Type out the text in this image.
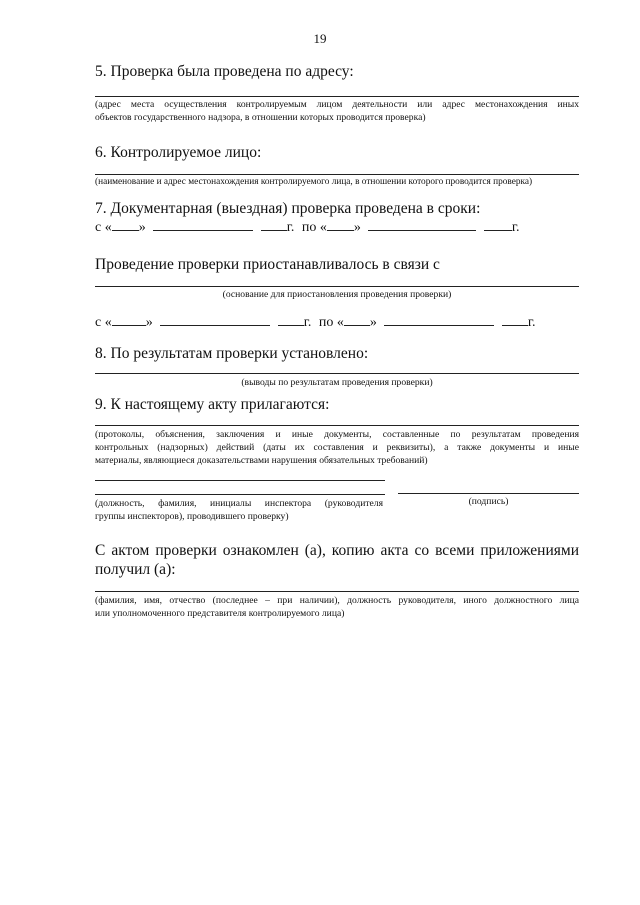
19
5. Проверка была проведена по адресу:
(адрес места осуществления контролируемым лицом деятельности или адрес местонахождения иных
объектов государственного надзора, в отношении которых проводится проверка)
6. Контролируемое лицо:
(наименование и адрес местонахождения контролируемого лица, в отношении которого проводится проверка)
7. Документарная (выездная) проверка проведена в сроки:
с « »	г. по « »	г.
Проведение проверки приостанавливалось в связи с
(основание для приостановления проведения проверки)
с « »	г. по « »	г.
8. По результатам проверки установлено:
(выводы по результатам проведения проверки)
9. К настоящему акту прилагаются:
(протоколы, объяснения, заключения и иные документы, составленные по результатам проведения
контрольных (надзорных) действий (даты их составления и реквизиты), а также документы и иные
материалы, являющиеся доказательствами нарушения обязательных требований)
(должность, фамилия, инициалы инспектора (руководителя
группы инспекторов), проводившего проверку)
(подпись)
С актом проверки ознакомлен (а), копию акта со всеми приложениями
получил (а):
(фамилия, имя, отчество (последнее – при наличии), должность руководителя, иного должностного лица
или уполномоченного представителя контролируемого лица)
